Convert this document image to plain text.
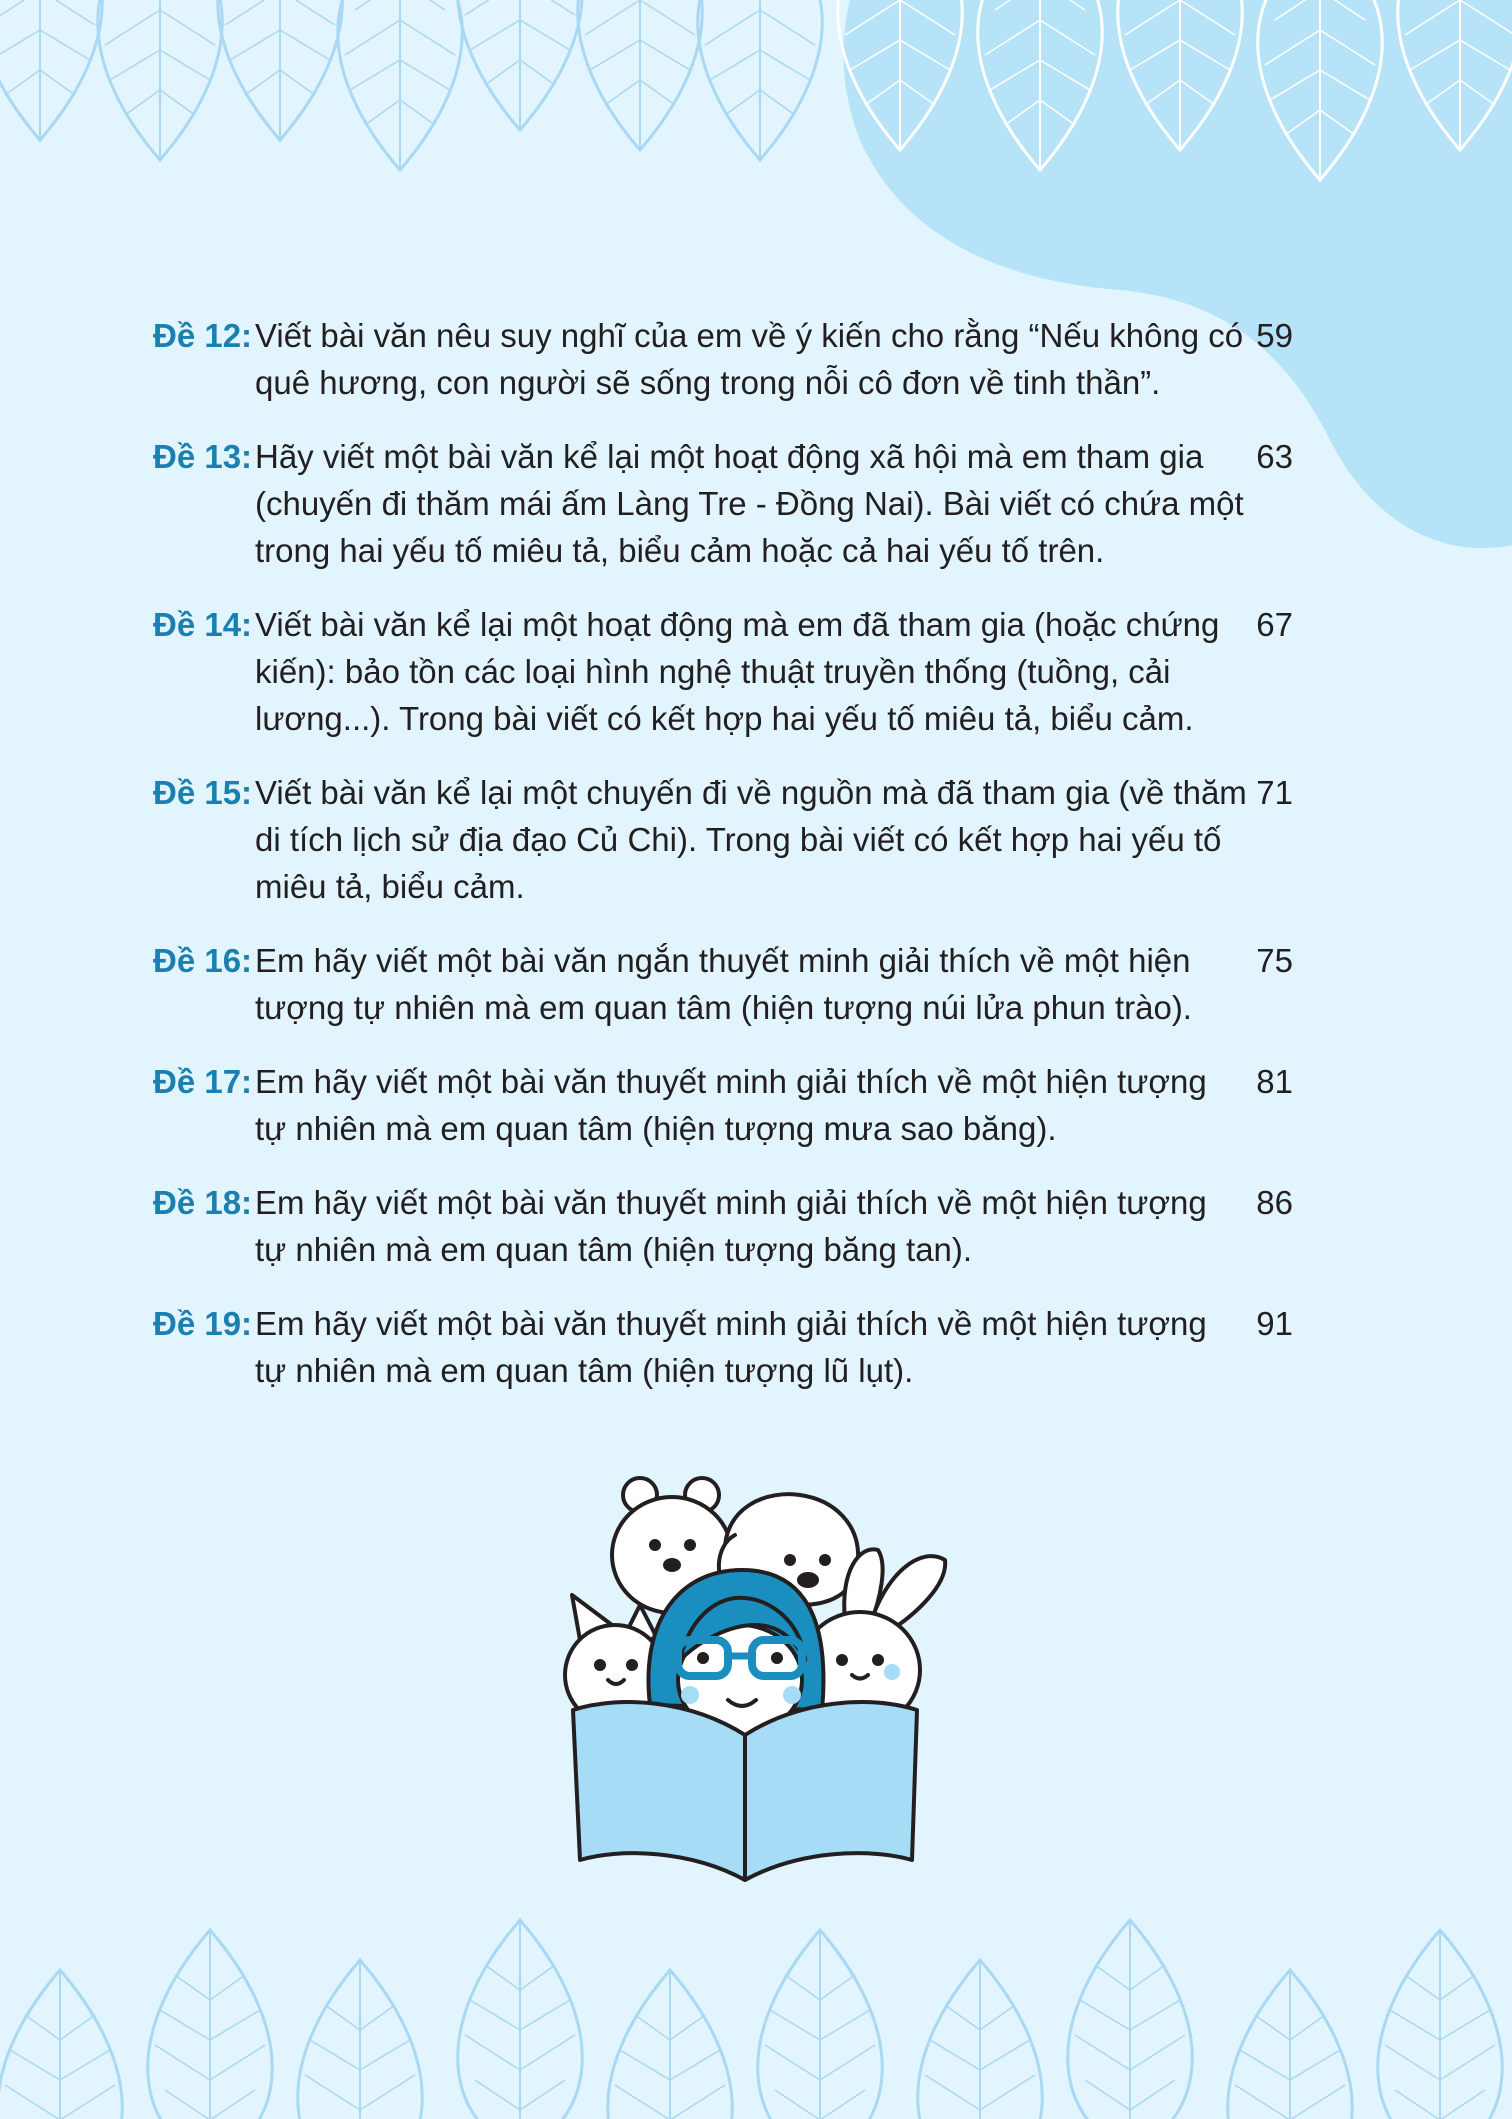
Đề 12: Viết bài văn nêu suy nghĩ của em về ý kiến cho rằng “Nếu không có
quê hương, con người sẽ sống trong nỗi cô đơn về tinh thần”.
59
Đề 13: Hãy viết một bài văn kể lại một hoạt động xã hội mà em tham gia
(chuyến đi thăm mái ấm Làng Tre - Đồng Nai). Bài viết có chứa một
trong hai yếu tố miêu tả, biểu cảm hoặc cả hai yếu tố trên.
63
Đề 14: Viết bài văn kể lại một hoạt động mà em đã tham gia (hoặc chứng
kiến): bảo tồn các loại hình nghệ thuật truyền thống (tuồng, cải
lương...). Trong bài viết có kết hợp hai yếu tố miêu tả, biểu cảm.
67
Đề 15: Viết bài văn kể lại một chuyến đi về nguồn mà đã tham gia (về thăm
di tích lịch sử địa đạo Củ Chi). Trong bài viết có kết hợp hai yếu tố
miêu tả, biểu cảm.
71
Đề 16: Em hãy viết một bài văn ngắn thuyết minh giải thích về một hiện
tượng tự nhiên mà em quan tâm (hiện tượng núi lửa phun trào).
75
Đề 17: Em hãy viết một bài văn thuyết minh giải thích về một hiện tượng
tự nhiên mà em quan tâm (hiện tượng mưa sao băng).
81
Đề 18: Em hãy viết một bài văn thuyết minh giải thích về một hiện tượng
tự nhiên mà em quan tâm (hiện tượng băng tan).
86
Đề 19: Em hãy viết một bài văn thuyết minh giải thích về một hiện tượng
tự nhiên mà em quan tâm (hiện tượng lũ lụt).
91
